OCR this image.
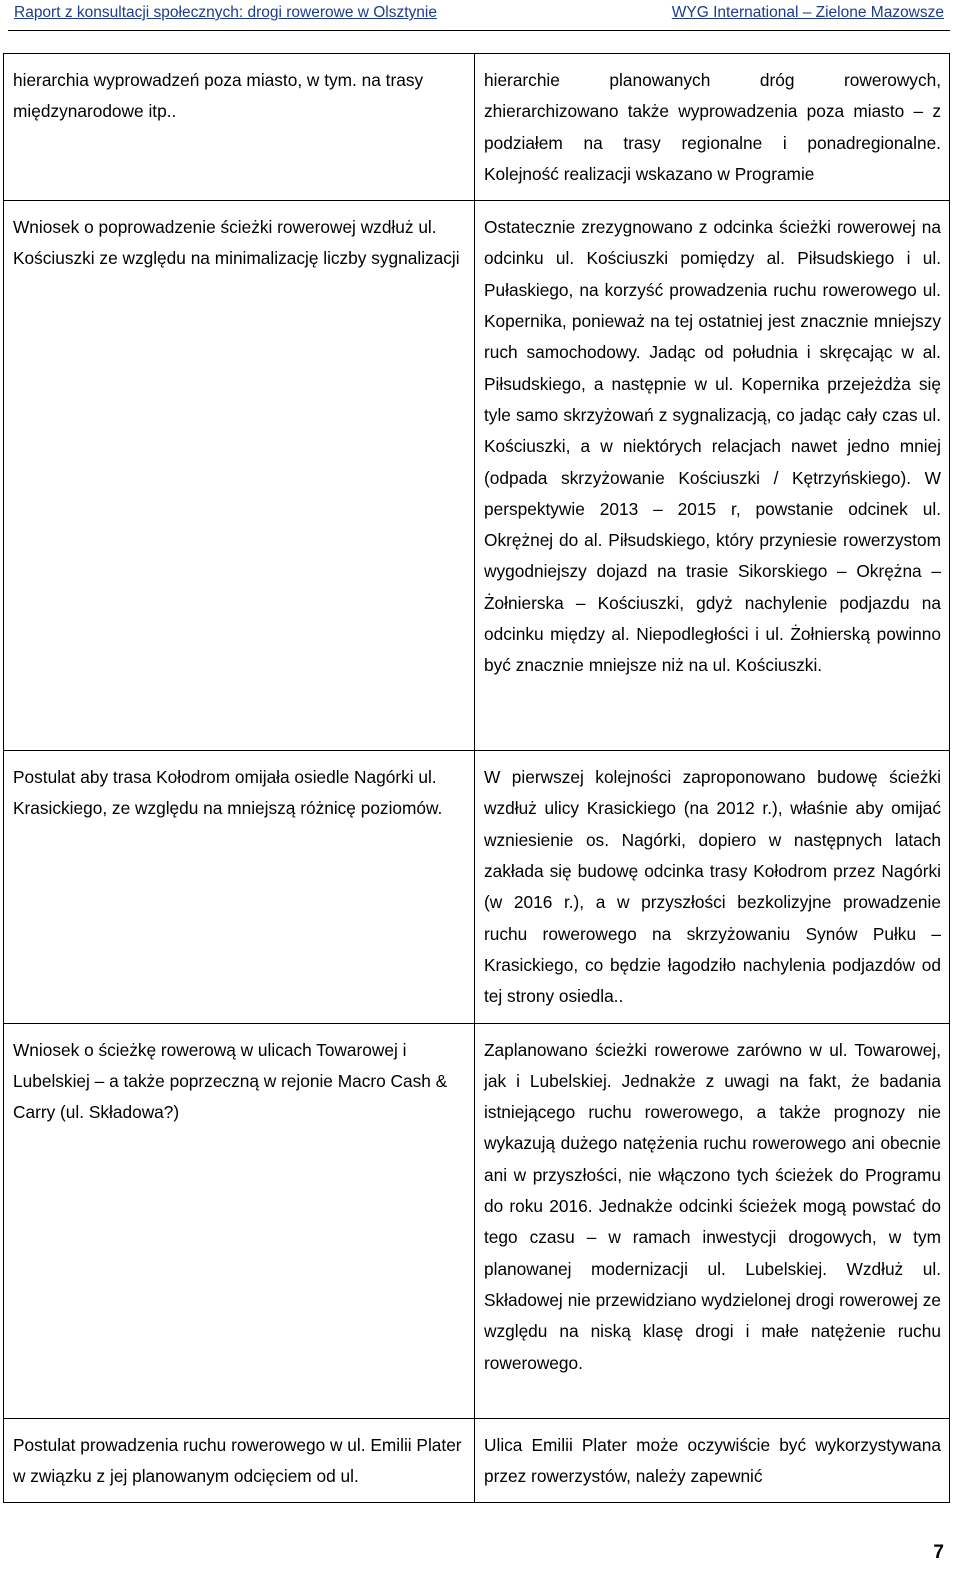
Raport z konsultacji społecznych: drogi rowerowe w Olsztynie	WYG International – Zielone Mazowsze
hierarchia wyprowadzeń poza miasto, w tym. na trasy międzynarodowe itp..	hierarchie planowanych dróg rowerowych, zhierarchizowano także wyprowadzenia poza miasto – z podziałem na trasy regionalne i ponadregionalne. Kolejność realizacji wskazano w Programie
Wniosek o poprowadzenie ścieżki rowerowej wzdłuż ul. Kościuszki ze względu na minimalizację liczby sygnalizacji	Ostatecznie zrezygnowano z odcinka ścieżki rowerowej na odcinku ul. Kościuszki pomiędzy al. Piłsudskiego i ul. Pułaskiego, na korzyść prowadzenia ruchu rowerowego ul. Kopernika, ponieważ na tej ostatniej jest znacznie mniejszy ruch samochodowy. Jadąc od południa i skręcając w al. Piłsudskiego, a następnie w ul. Kopernika przejeżdża się tyle samo skrzyżowań z sygnalizacją, co jadąc cały czas ul. Kościuszki, a w niektórych relacjach nawet jedno mniej (odpada skrzyżowanie Kościuszki / Kętrzyńskiego). W perspektywie 2013 – 2015 r, powstanie odcinek ul. Okrężnej do al. Piłsudskiego, który przyniesie rowerzystom wygodniejszy dojazd na trasie Sikorskiego – Okrężna – Żołnierska – Kościuszki, gdyż nachylenie podjazdu na odcinku między al. Niepodległości i ul. Żołnierską powinno być znacznie mniejsze niż na ul. Kościuszki.
Postulat aby trasa Kołodrom omijała osiedle Nagórki ul. Krasickiego, ze względu na mniejszą różnicę poziomów.	W pierwszej kolejności zaproponowano budowę ścieżki wzdłuż ulicy Krasickiego (na 2012 r.), właśnie aby omijać wzniesienie os. Nagórki, dopiero w następnych latach zakłada się budowę odcinka trasy Kołodrom przez Nagórki (w 2016 r.), a w przyszłości bezkolizyjne prowadzenie ruchu rowerowego na skrzyżowaniu Synów Pułku – Krasickiego, co będzie łagodziło nachylenia podjazdów od tej strony osiedla..
Wniosek o ścieżkę rowerową w ulicach Towarowej i Lubelskiej – a także poprzeczną w rejonie Macro Cash & Carry (ul. Składowa?)	Zaplanowano ścieżki rowerowe zarówno w ul. Towarowej, jak i Lubelskiej. Jednakże z uwagi na fakt, że badania istniejącego ruchu rowerowego, a także prognozy nie wykazują dużego natężenia ruchu rowerowego ani obecnie ani w przyszłości, nie włączono tych ścieżek do Programu do roku 2016. Jednakże odcinki ścieżek mogą powstać do tego czasu – w ramach inwestycji drogowych, w tym planowanej modernizacji ul. Lubelskiej. Wzdłuż ul. Składowej nie przewidziano wydzielonej drogi rowerowej ze względu na niską klasę drogi i małe natężenie ruchu rowerowego.
Postulat prowadzenia ruchu rowerowego w ul. Emilii Plater w związku z jej planowanym odcięciem od ul.	Ulica Emilii Plater może oczywiście być wykorzystywana przez rowerzystów, należy zapewnić
7
